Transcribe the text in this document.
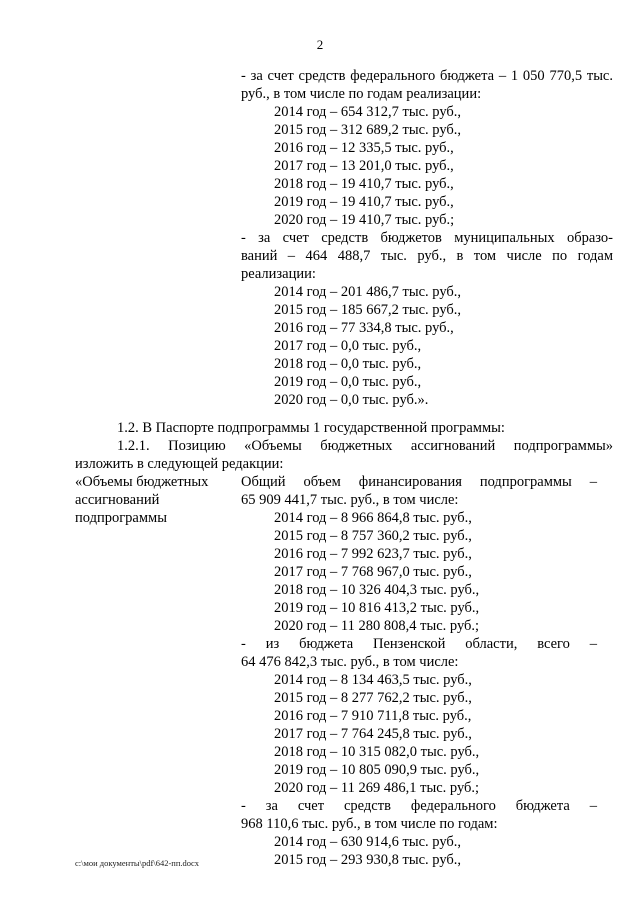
2
- за счет средств федерального бюджета – 1 050 770,5 тыс.
руб., в том числе по годам реализации:
2014 год – 654 312,7 тыс. руб.,
2015 год – 312 689,2 тыс. руб.,
2016 год – 12 335,5 тыс. руб.,
2017 год – 13 201,0 тыс. руб.,
2018 год – 19 410,7 тыс. руб.,
2019 год – 19 410,7 тыс. руб.,
2020 год – 19 410,7 тыс. руб.;
- за счет средств бюджетов муниципальных образо-
ваний – 464 488,7 тыс. руб., в том числе по годам
реализации:
2014 год – 201 486,7 тыс. руб.,
2015 год – 185 667,2 тыс. руб.,
2016 год – 77 334,8 тыс. руб.,
2017 год – 0,0 тыс. руб.,
2018 год – 0,0 тыс. руб.,
2019 год – 0,0 тыс. руб.,
2020 год – 0,0 тыс. руб.».
1.2. В Паспорте подпрограммы 1 государственной программы:
1.2.1. Позицию «Объемы бюджетных ассигнований подпрограммы»
изложить в следующей редакции:
«Объемы бюджетных
ассигнований
подпрограммы
Общий объем финансирования подпрограммы –
65 909 441,7 тыс. руб., в том числе:
2014 год – 8 966 864,8 тыс. руб.,
2015 год – 8 757 360,2 тыс. руб.,
2016 год – 7 992 623,7 тыс. руб.,
2017 год – 7 768 967,0 тыс. руб.,
2018 год – 10 326 404,3 тыс. руб.,
2019 год – 10 816 413,2 тыс. руб.,
2020 год – 11 280 808,4 тыс. руб.;
- из бюджета Пензенской области, всего –
64 476 842,3 тыс. руб., в том числе:
2014 год – 8 134 463,5 тыс. руб.,
2015 год – 8 277 762,2 тыс. руб.,
2016 год – 7 910 711,8 тыс. руб.,
2017 год – 7 764 245,8 тыс. руб.,
2018 год – 10 315 082,0 тыс. руб.,
2019 год – 10 805 090,9 тыс. руб.,
2020 год – 11 269 486,1 тыс. руб.;
- за счет средств федерального бюджета –
968 110,6 тыс. руб., в том числе по годам:
2014 год – 630 914,6 тыс. руб.,
2015 год – 293 930,8 тыс. руб.,
c:\мои документы\pdf\642-пп.docx
